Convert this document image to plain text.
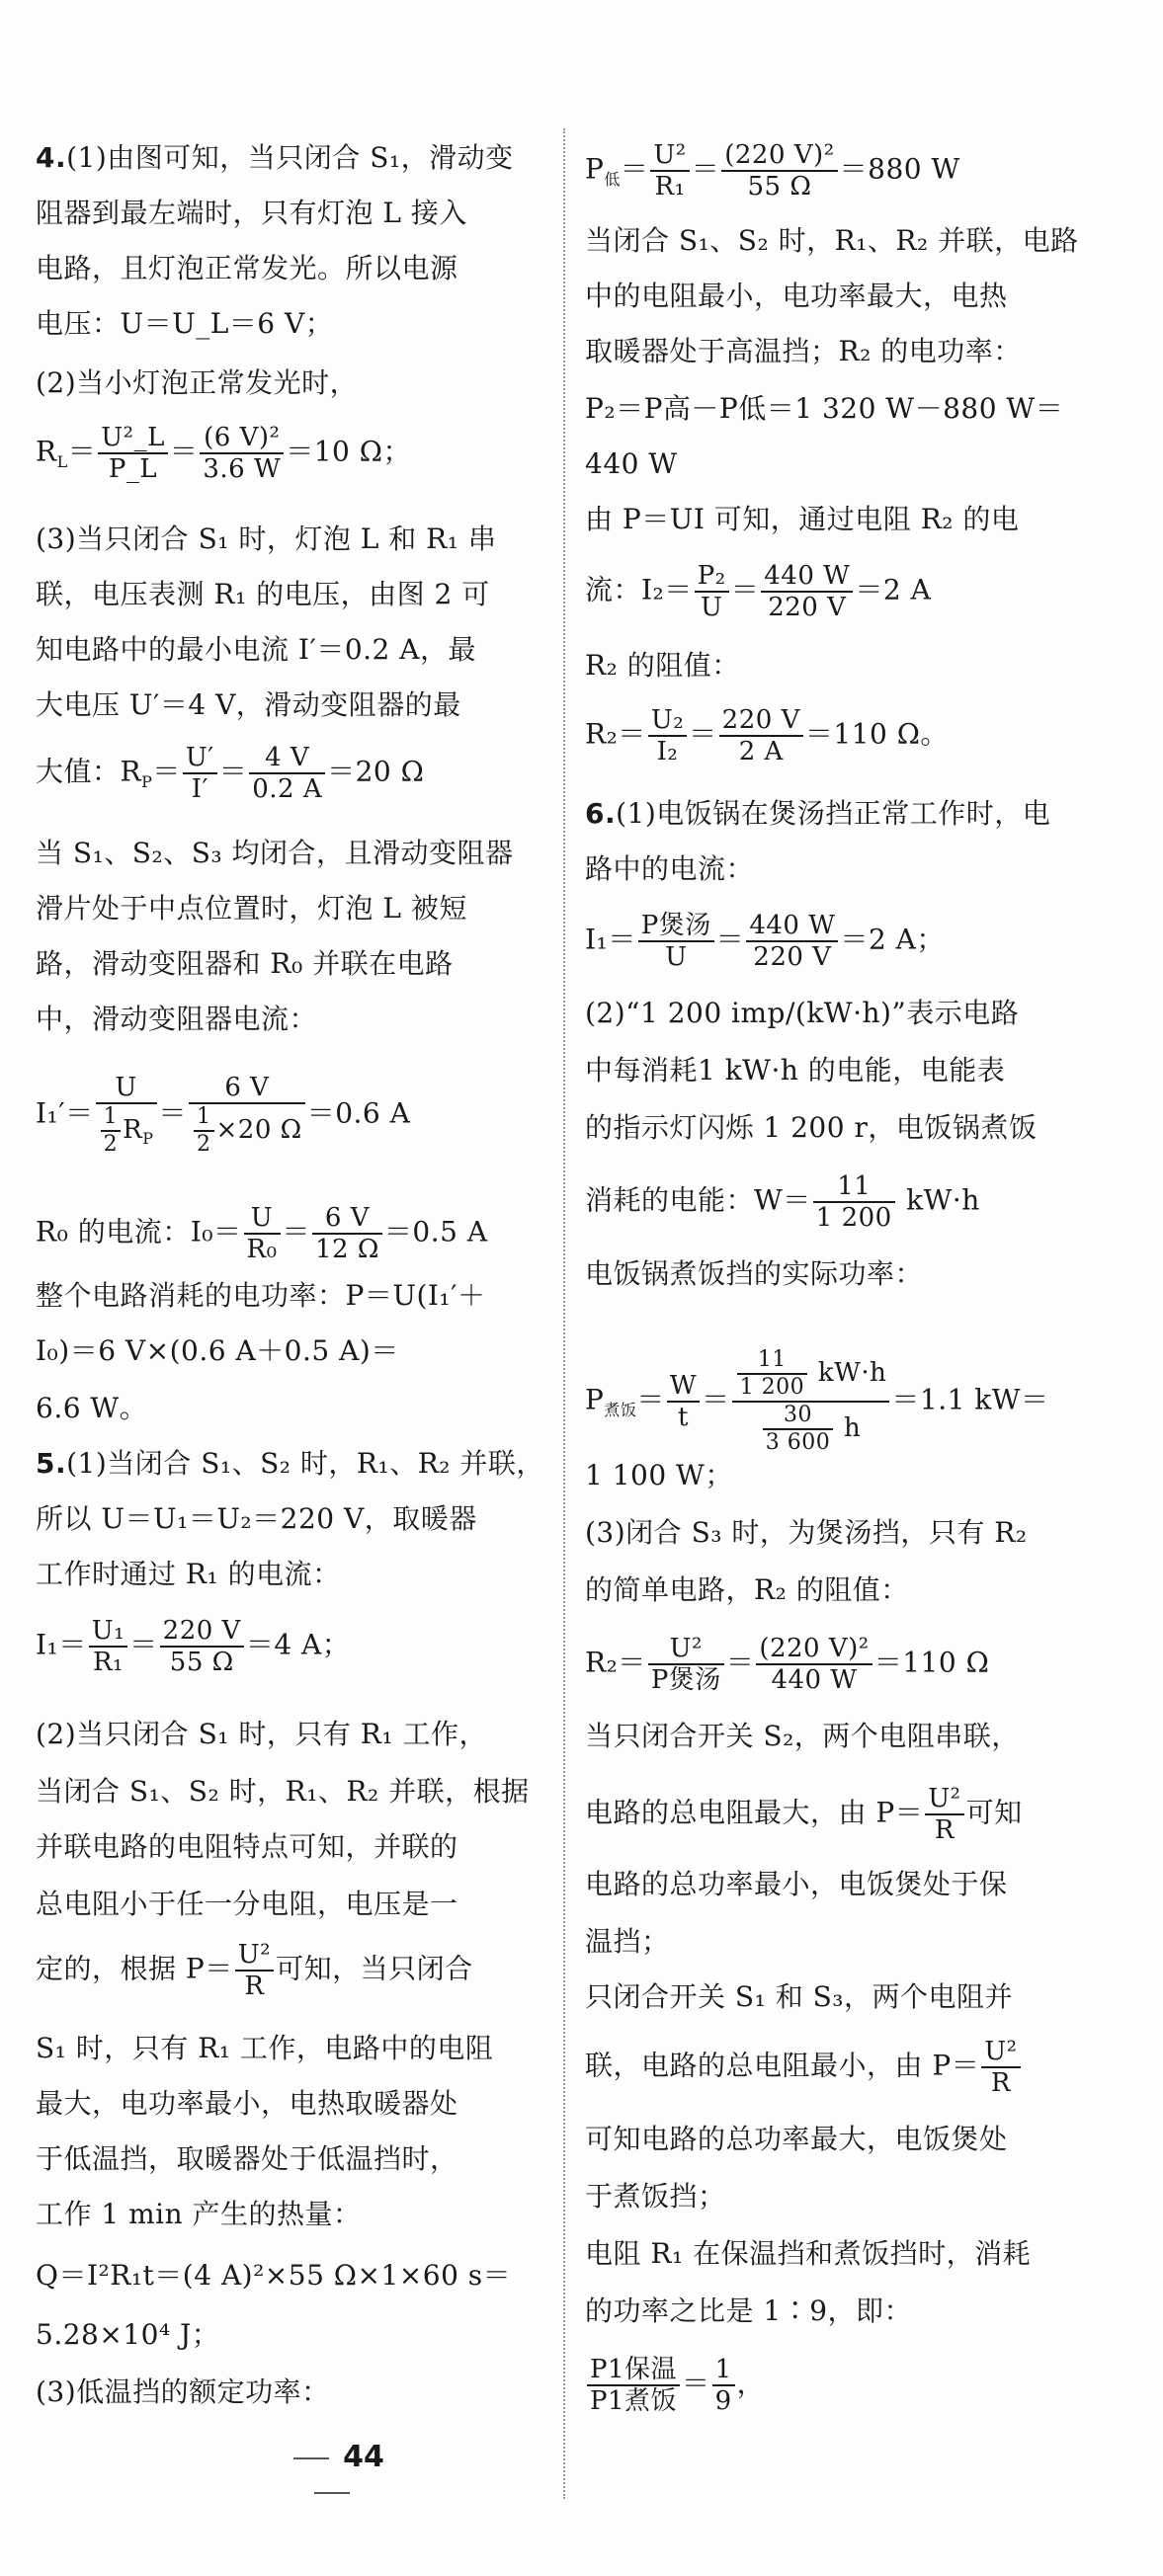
4.(1)由图可知，当只闭合 S₁，滑动变
阻器到最左端时，只有灯泡 L 接入
电路，且灯泡正常发光。所以电源
电压：U＝U_L＝6 V；
(2)当小灯泡正常发光时，
$R_L= \frac{\text{U²\_L}}{P\_L} = \frac{\text{(6 V)²}}{3.6 W} =10$ Ω；
(3)当只闭合 S₁ 时，灯泡 L 和 R₁ 串
联，电压表测 R₁ 的电压，由图 2 可
知电路中的最小电流 I′＝0.2 A，最
大电压 U′＝4 V，滑动变阻器的最
大值：$R_P= \frac{U'}{I'} = \frac{4 V}{0.2 A} =20$ Ω
当 S₁、S₂、S₃ 均闭合，且滑动变阻器
滑片处于中点位置时，灯泡 L 被短
路，滑动变阻器和 R₀ 并联在电路
中，滑动变阻器电流：
$I_1'= \frac{U}{\frac{1}{2} R_P} = \frac{6 V}{\frac{1}{2} \times 20 \Omega} =0.6$ A
R₀ 的电流：$I_0= \frac{U}{\text{R₀}} = \frac{6 V}{12 \Omega} =0.5$ A
整个电路消耗的电功率：P＝U(I₁′＋
I₀)＝6 V×(0.6 A＋0.5 A)＝
6.6 W。
5.(1)当闭合 S₁、S₂ 时，R₁、R₂ 并联，
所以 U＝U₁＝U₂＝220 V，取暖器
工作时通过 R₁ 的电流：
$I_1= \frac{\text{U₁}}{\text{R₁}} = \frac{220 V}{55 \Omega} =4$ A；
(2)当只闭合 S₁ 时，只有 R₁ 工作，
当闭合 S₁、S₂ 时，R₁、R₂ 并联，根据
并联电路的电阻特点可知，并联的
总电阻小于任一分电阻，电压是一
定的，根据 $P= \frac{\text{U²}}{R}$ 可知，当只闭合
S₁ 时，只有 R₁ 工作，电路中的电阻
最大，电功率最小，电热取暖器处
于低温挡，取暖器处于低温挡时，
工作 1 min 产生的热量：
Q＝I²R₁t＝(4 A)²×55 Ω×1×60 s＝
5.28×10⁴ J；
(3)低温挡的额定功率：
44
$P_低= \frac{\text{U²}}{\text{R₁}} = \frac{\text{(220 V)²}}{55 \Omega} =880$ W
当闭合 S₁、S₂ 时，R₁、R₂ 并联，电路
中的电阻最小，电功率最大，电热
取暖器处于高温挡；R₂ 的电功率：
P₂＝P高－P低＝1 320 W－880 W＝
440 W
由 P＝UI 可知，通过电阻 R₂ 的电
流：$I_2= \frac{\text{P₂}}{U} = \frac{440 W}{220 V} =2$ A
R₂ 的阻值：
$R_2= \frac{\text{U₂}}{\text{I₂}} = \frac{220 V}{2 A} =110$ Ω。
6.(1)电饭锅在煲汤挡正常工作时，电
路中的电流：
$I_1= \frac{\text{P煲汤}}{U} = \frac{440 W}{220 V} =2$ A；
(2)“1 200 imp/(kW·h)”表示电路
中每消耗1 kW·h 的电能，电能表
的指示灯闪烁 1 200 r，电饭锅煮饭
消耗的电能：$W= \frac{11}{1 200} kW\cdot h$
电饭锅煮饭挡的实际功率：
$P_{煮饭}= \frac{W}{t} = \frac{\frac{11}{1 200} kW\cdot h}{\frac{30}{3 600} h} =1.1$ kW＝
1 100 W；
(3)闭合 S₃ 时，为煲汤挡，只有 R₂
的简单电路，R₂ 的阻值：
$R_2= \frac{\text{U²}}{\text{P煲汤}} = \frac{\text{(220 V)²}}{440 W} =110$ Ω
当只闭合开关 S₂，两个电阻串联，
电路的总电阻最大，由 $P= \frac{\text{U²}}{R}$ 可知
电路的总功率最小，电饭煲处于保
温挡；
只闭合开关 S₁ 和 S₃，两个电阻并
联，电路的总电阻最小，由 $P= \frac{\text{U²}}{R}$
可知电路的总功率最大，电饭煲处
于煮饭挡；
电阻 R₁ 在保温挡和煮饭挡时，消耗
的功率之比是 1∶9，即：
$\frac{\text{P1保温}}{\text{P1煮饭}} = \frac{1}{9}$ ，
